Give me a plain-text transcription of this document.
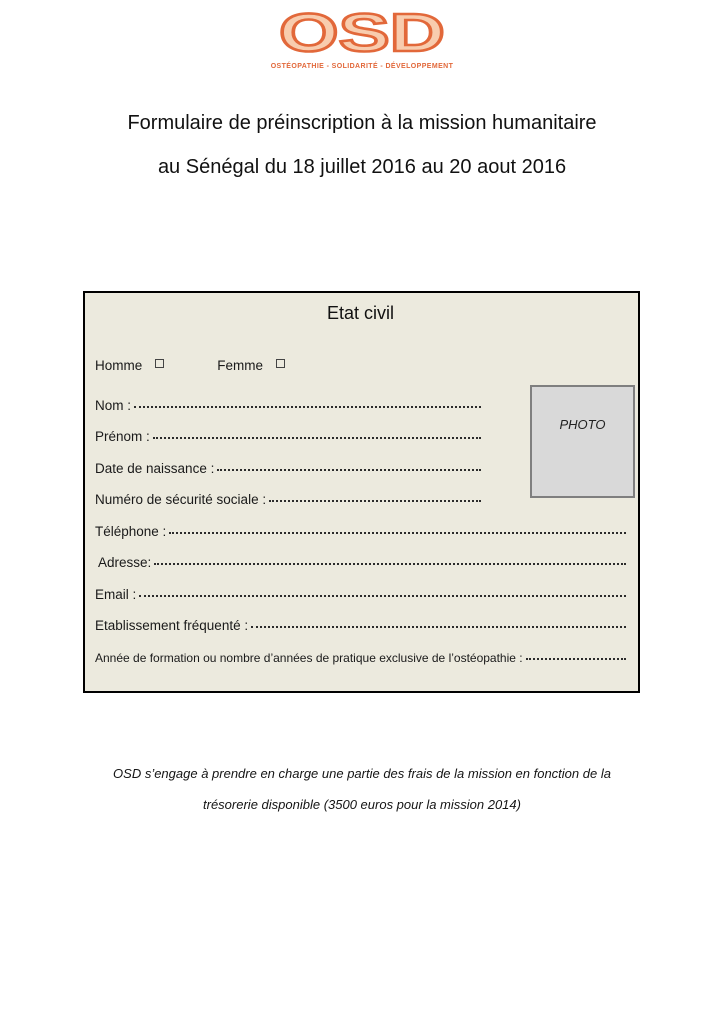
OSD
OSTÉOPATHIE - SOLIDARITÉ - DÉVELOPPEMENT
Formulaire de préinscription à la mission humanitaire
au Sénégal du 18 juillet 2016 au 20 aout 2016
Etat civil
Homme	Femme
Nom :
Prénom :
Date de naissance :
Numéro de sécurité sociale :
Téléphone :
Adresse:
Email :
Etablissement fréquenté :
Année de formation ou nombre d’années de pratique exclusive de l’ostéopathie :
PHOTO
OSD s’engage à prendre en charge une partie des frais de la mission en fonction de la
trésorerie disponible (3500 euros pour la mission 2014)
